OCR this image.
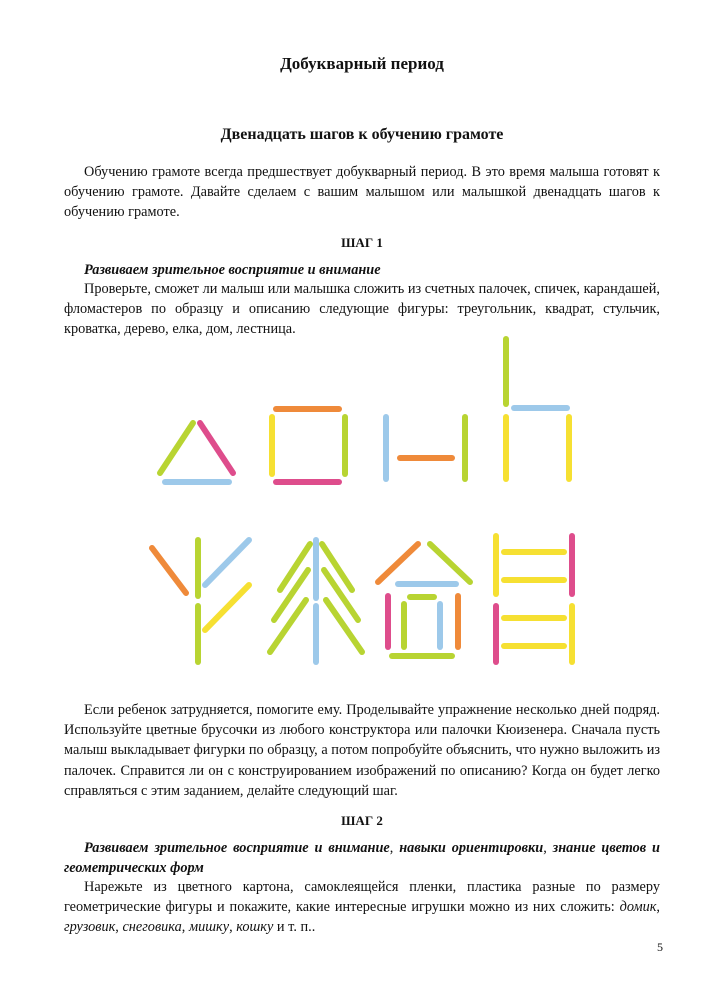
Добукварный период
Двенадцать шагов к обучению грамоте

Обучению грамоте всегда предшествует добукварный период. В это время малыша готовят к обучению грамоте. Давайте сделаем с вашим малышом или малышкой двенадцать шагов к обучению грамоте.

ШАГ 1

Развиваем зрительное восприятие и внимание

Проверьте, сможет ли малыш или малышка сложить из счетных палочек, спичек, карандашей, фломастеров по образцу и описанию следующие фигуры: треугольник, квадрат, стульчик, кроватка, дерево, елка, дом, лестница.

Если ребенок затрудняется, помогите ему. Проделывайте упражнение несколько дней подряд. Используйте цветные брусочки из любого конструктора или палочки Кюизенера. Сначала пусть малыш выкладывает фигурки по образцу, а потом попробуйте объяснить, что нужно выложить из палочек. Справится ли он с конструированием изображений по описанию? Когда он будет легко справляться с этим заданием, делайте следующий шаг.

ШАГ 2

Развиваем зрительное восприятие и внимание, навыки ориентировки, знание цветов и геометрических форм

Нарежьте из цветного картона, самоклеящейся пленки, пластика разные по размеру геометрические фигуры и покажите, какие интересные игрушки можно из них сложить: домик, грузовик, снеговика, мишку, кошку и т. п..

5
